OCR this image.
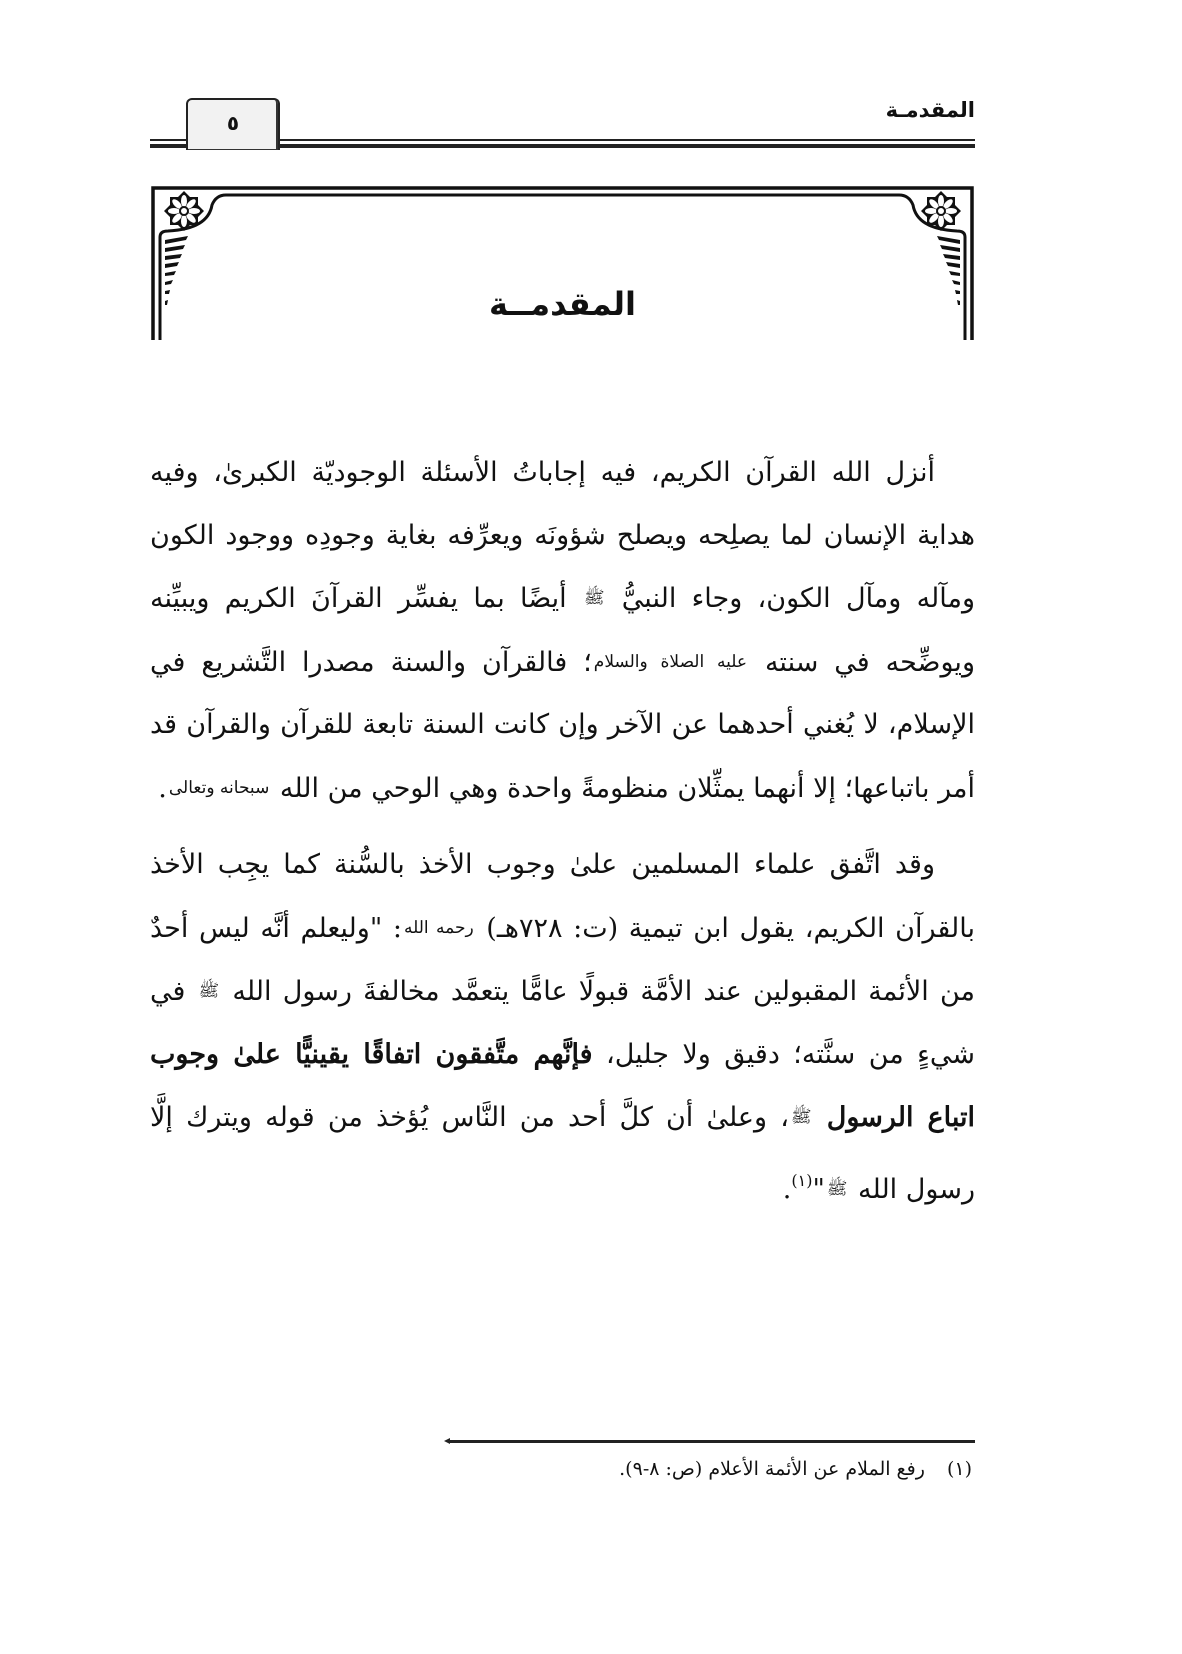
٥
المقدمـة
المقدمــة

أنزل الله القرآن الكريم، فيه إجاباتُ الأسئلة الوجوديّة الكبرىٰ، وفيه هداية الإنسان لما يصلِحه ويصلح شؤونَه ويعرِّفه بغاية وجودِه ووجود الكون ومآله ومآل الكون، وجاء النبيُّ ﷺ أيضًا بما يفسِّر القرآنَ الكريم ويبيِّنه ويوضِّحه في سنته عليه الصلاة والسلام؛ فالقرآن والسنة مصدرا التَّشريع في الإسلام، لا يُغني أحدهما عن الآخر وإن كانت السنة تابعة للقرآن والقرآن قد أمر باتباعها؛ إلا أنهما يمثِّلان منظومةً واحدة وهي الوحي من الله سبحانه وتعالى.

وقد اتَّفق علماء المسلمين علىٰ وجوب الأخذ بالسُّنة كما يجِب الأخذ بالقرآن الكريم، يقول ابن تيمية (ت: ٧٢٨هـ) رحمه الله: "وليعلم أنَّه ليس أحدٌ من الأئمة المقبولين عند الأمَّة قبولًا عامًّا يتعمَّد مخالفةَ رسول الله ﷺ في شيءٍ من سنَّته؛ دقيق ولا جليل، فإنَّهم متَّفقون اتفاقًا يقينيًّا علىٰ وجوب اتباع الرسول ﷺ، وعلىٰ أن كلَّ أحد من النَّاس يُؤخذ من قوله ويترك إلَّا رسول الله ﷺ"$^{(١)}$.

(١)رفع الملام عن الأئمة الأعلام (ص: ٨-٩).
